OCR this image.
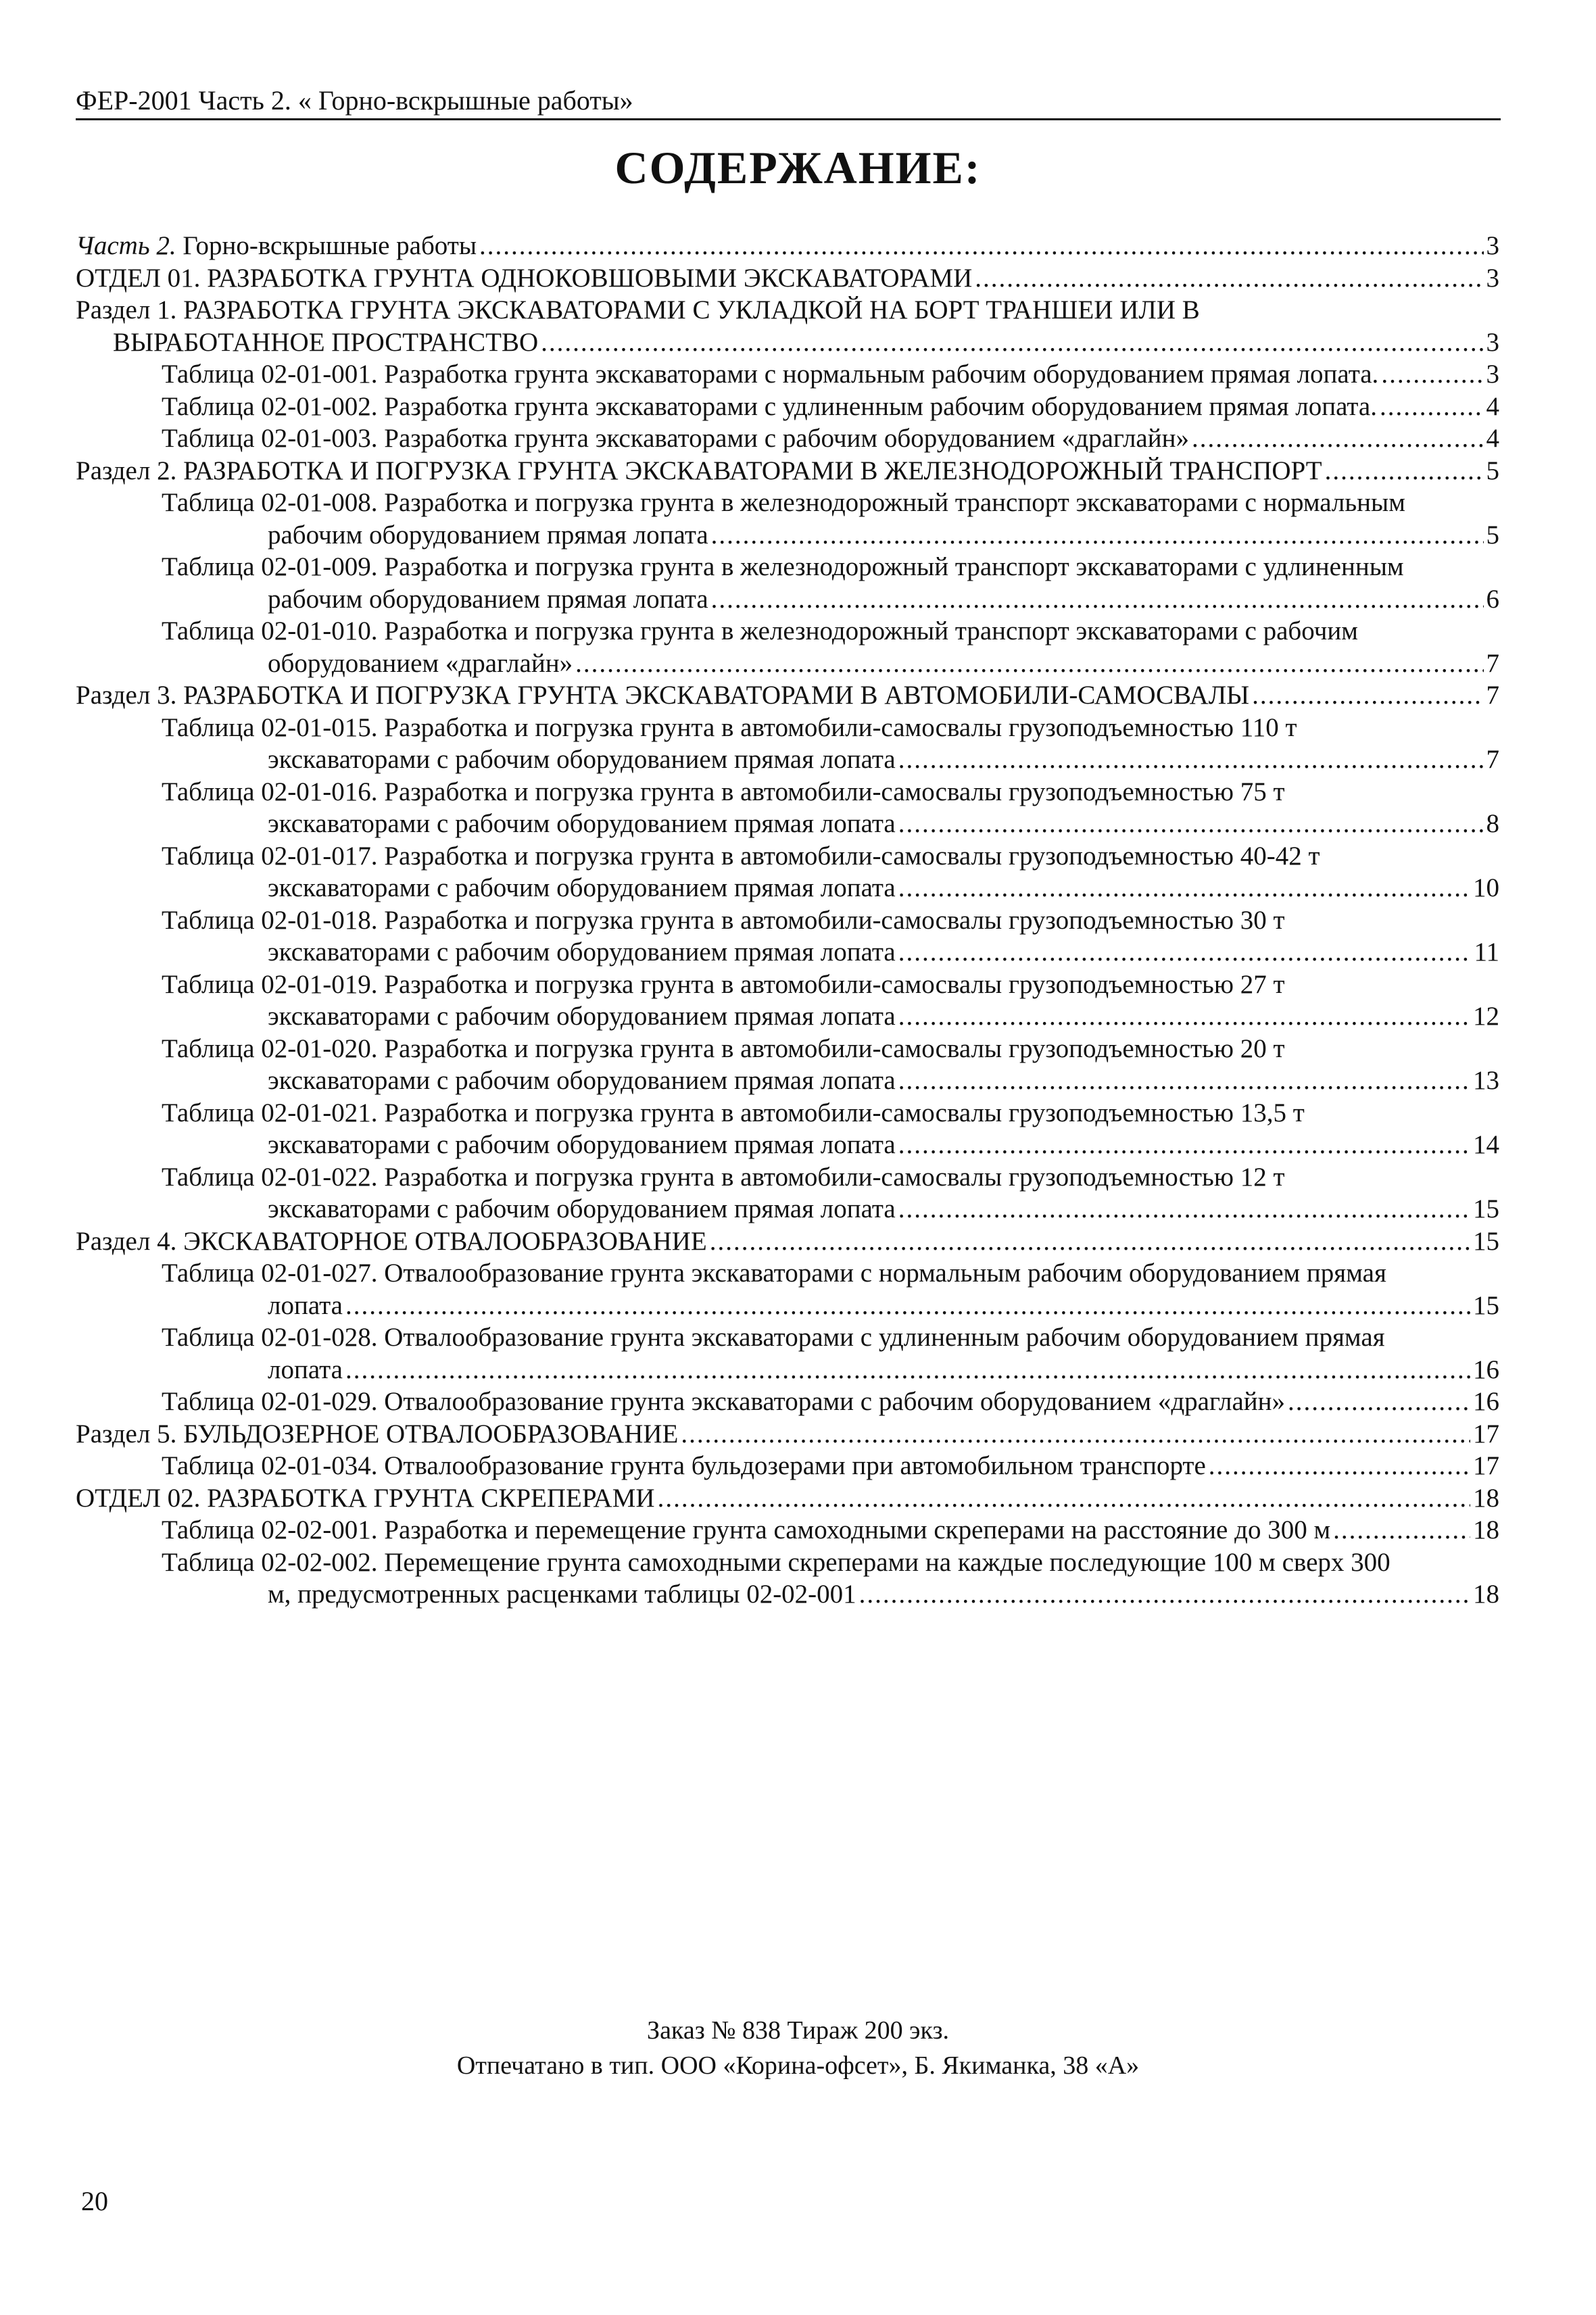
ФЕР-2001 Часть 2. « Горно-вскрышные работы»
СОДЕРЖАНИЕ:
Часть 2.
Горно-вскрышные работы .....	3
ОТДЕЛ 01. РАЗРАБОТКА ГРУНТА ОДНОКОВШОВЫМИ ЭКСКАВАТОРАМИ .....	3
Раздел 1. РАЗРАБОТКА ГРУНТА ЭКСКАВАТОРАМИ С УКЛАДКОЙ НА БОРТ ТРАНШЕИ ИЛИ В
ВЫРАБОТАННОЕ ПРОСТРАНСТВО .....	3
Таблица 02-01-001. Разработка грунта экскаваторами с нормальным рабочим оборудованием прямая лопата. .....	3
Таблица 02-01-002. Разработка грунта экскаваторами с удлиненным рабочим оборудованием прямая лопата. .....	4
Таблица 02-01-003. Разработка грунта экскаваторами с рабочим оборудованием «драглайн» .....	4
Раздел 2. РАЗРАБОТКА И ПОГРУЗКА ГРУНТА ЭКСКАВАТОРАМИ В ЖЕЛЕЗНОДОРОЖНЫЙ ТРАНСПОРТ .....	5
Таблица 02-01-008. Разработка и погрузка грунта в железнодорожный транспорт экскаваторами с нормальным
рабочим оборудованием прямая лопата .....	5
Таблица 02-01-009. Разработка и погрузка грунта в железнодорожный транспорт экскаваторами с удлиненным
рабочим оборудованием прямая лопата .....	6
Таблица 02-01-010. Разработка и погрузка грунта в железнодорожный транспорт экскаваторами с рабочим
оборудованием «драглайн» .....	7
Раздел 3. РАЗРАБОТКА И ПОГРУЗКА ГРУНТА ЭКСКАВАТОРАМИ В АВТОМОБИЛИ-САМОСВАЛЫ .....	7
Таблица 02-01-015. Разработка и погрузка грунта в автомобили-самосвалы грузоподъемностью 110 т
экскаваторами с рабочим оборудованием прямая лопата .....	7
Таблица 02-01-016. Разработка и погрузка грунта в автомобили-самосвалы грузоподъемностью 75 т
экскаваторами с рабочим оборудованием прямая лопата .....	8
Таблица 02-01-017. Разработка и погрузка грунта в автомобили-самосвалы грузоподъемностью 40-42 т
экскаваторами с рабочим оборудованием прямая лопата .....	10
Таблица 02-01-018. Разработка и погрузка грунта в автомобили-самосвалы грузоподъемностью 30 т
экскаваторами с рабочим оборудованием прямая лопата .....	11
Таблица 02-01-019. Разработка и погрузка грунта в автомобили-самосвалы грузоподъемностью 27 т
экскаваторами с рабочим оборудованием прямая лопата .....	12
Таблица 02-01-020. Разработка и погрузка грунта в автомобили-самосвалы грузоподъемностью 20 т
экскаваторами с рабочим оборудованием прямая лопата .....	13
Таблица 02-01-021. Разработка и погрузка грунта в автомобили-самосвалы грузоподъемностью 13,5 т
экскаваторами с рабочим оборудованием прямая лопата .....	14
Таблица 02-01-022. Разработка и погрузка грунта в автомобили-самосвалы грузоподъемностью 12 т
экскаваторами с рабочим оборудованием прямая лопата .....	15
Раздел 4. ЭКСКАВАТОРНОЕ ОТВАЛООБРАЗОВАНИЕ .....	15
Таблица 02-01-027. Отвалообразование грунта экскаваторами с нормальным рабочим оборудованием прямая
лопата .....	15
Таблица 02-01-028. Отвалообразование грунта экскаваторами с удлиненным рабочим оборудованием прямая
лопата .....	16
Таблица 02-01-029. Отвалообразование грунта экскаваторами с рабочим оборудованием «драглайн» .....	16
Раздел 5. БУЛЬДОЗЕРНОЕ ОТВАЛООБРАЗОВАНИЕ .....	17
Таблица 02-01-034. Отвалообразование грунта бульдозерами при автомобильном транспорте .....	17
ОТДЕЛ 02. РАЗРАБОТКА ГРУНТА СКРЕПЕРАМИ .....	18
Таблица 02-02-001. Разработка и перемещение грунта самоходными скреперами на расстояние до 300 м .....	18
Таблица 02-02-002. Перемещение грунта самоходными скреперами на каждые последующие 100 м сверх 300
м, предусмотренных расценками таблицы 02-02-001 .....	18
Заказ № 838 Тираж 200 экз.
Отпечатано в тип. ООО «Корина-офсет», Б. Якиманка, 38 «А»
20
